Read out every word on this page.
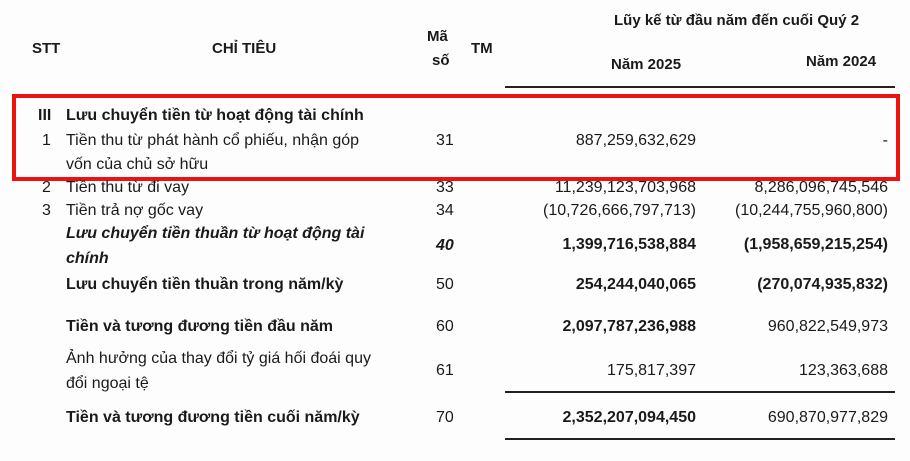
STT	CHỈ TIÊU
Mã
số
TM
Lũy kế từ đầu năm đến cuối Quý 2
Năm 2025	Năm 2024
III Lưu chuyển tiền từ hoạt động tài chính
1 Tiền thu từ phát hành cổ phiếu, nhận góp
vốn của chủ sở hữu
31	887,259,632,629	-
2 Tiền thu từ đi vay	33	11,239,123,703,968	8,286,096,745,546
3 Tiền trả nợ gốc vay	34	(10,726,666,797,713) (10,244,755,960,800)
Lưu chuyển tiền thuần từ hoạt động tài
chính
40	1,399,716,538,884	(1,958,659,215,254)
Lưu chuyển tiền thuần trong năm/kỳ	50	254,244,040,065	(270,074,935,832)
Tiền và tương đương tiền đầu năm	60	2,097,787,236,988	960,822,549,973
Ảnh hưởng của thay đổi tỷ giá hối đoái quy
đổi ngoại tệ
61	175,817,397	123,363,688
Tiền và tương đương tiền cuối năm/kỳ	70	2,352,207,094,450	690,870,977,829
